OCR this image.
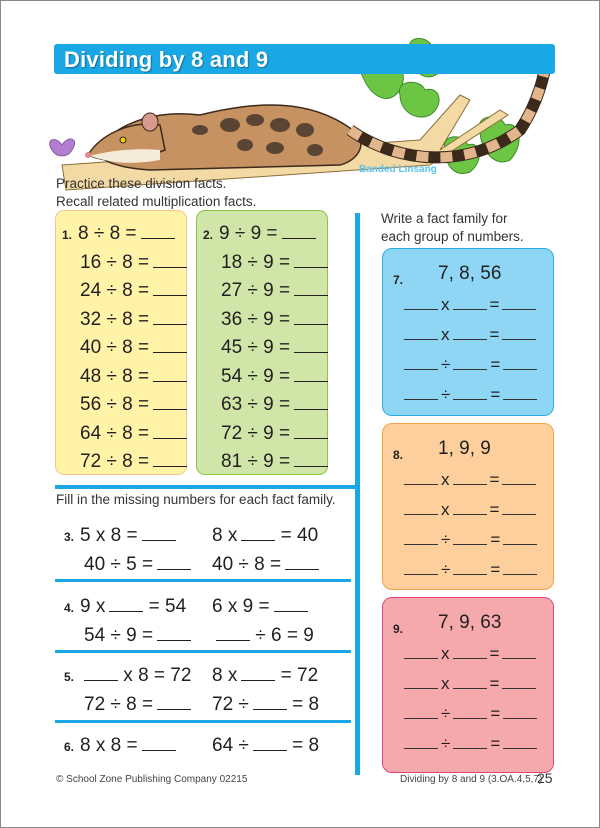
Dividing by 8 and 9
Banded Linsang
Practice these division facts.
Recall related multiplication facts.
1. 8 ÷ 8 =
16 ÷ 8 =
24 ÷ 8 =
32 ÷ 8 =
40 ÷ 8 =
48 ÷ 8 =
56 ÷ 8 =
64 ÷ 8 =
72 ÷ 8 =
2. 9 ÷ 9 =
18 ÷ 9 =
27 ÷ 9 =
36 ÷ 9 =
45 ÷ 9 =
54 ÷ 9 =
63 ÷ 9 =
72 ÷ 9 =
81 ÷ 9 =
Fill in the missing numbers for each fact family.
3. 5 x 8 =	8 x = 40
40 ÷ 5 =	40 ÷ 8 =
4. 9 x = 54 6 x 9 =
54 ÷ 9 =	÷ 6 = 9
5.	x 8 = 72 8 x = 72
72 ÷ 8 =	72 ÷ = 8
6. 8 x 8 =	64 ÷ = 8
Write a fact family for
each group of numbers.
7. 7, 8, 56
x =
x =
÷ =
÷ =
8. 1, 9, 9
x =
x =
÷ =
÷ =
9. 7, 9, 63
x =
x =
÷ =
÷ =
© School Zone Publishing Company 02215	Dividing by 8 and 9 (3.OA.4,5,7)
25
